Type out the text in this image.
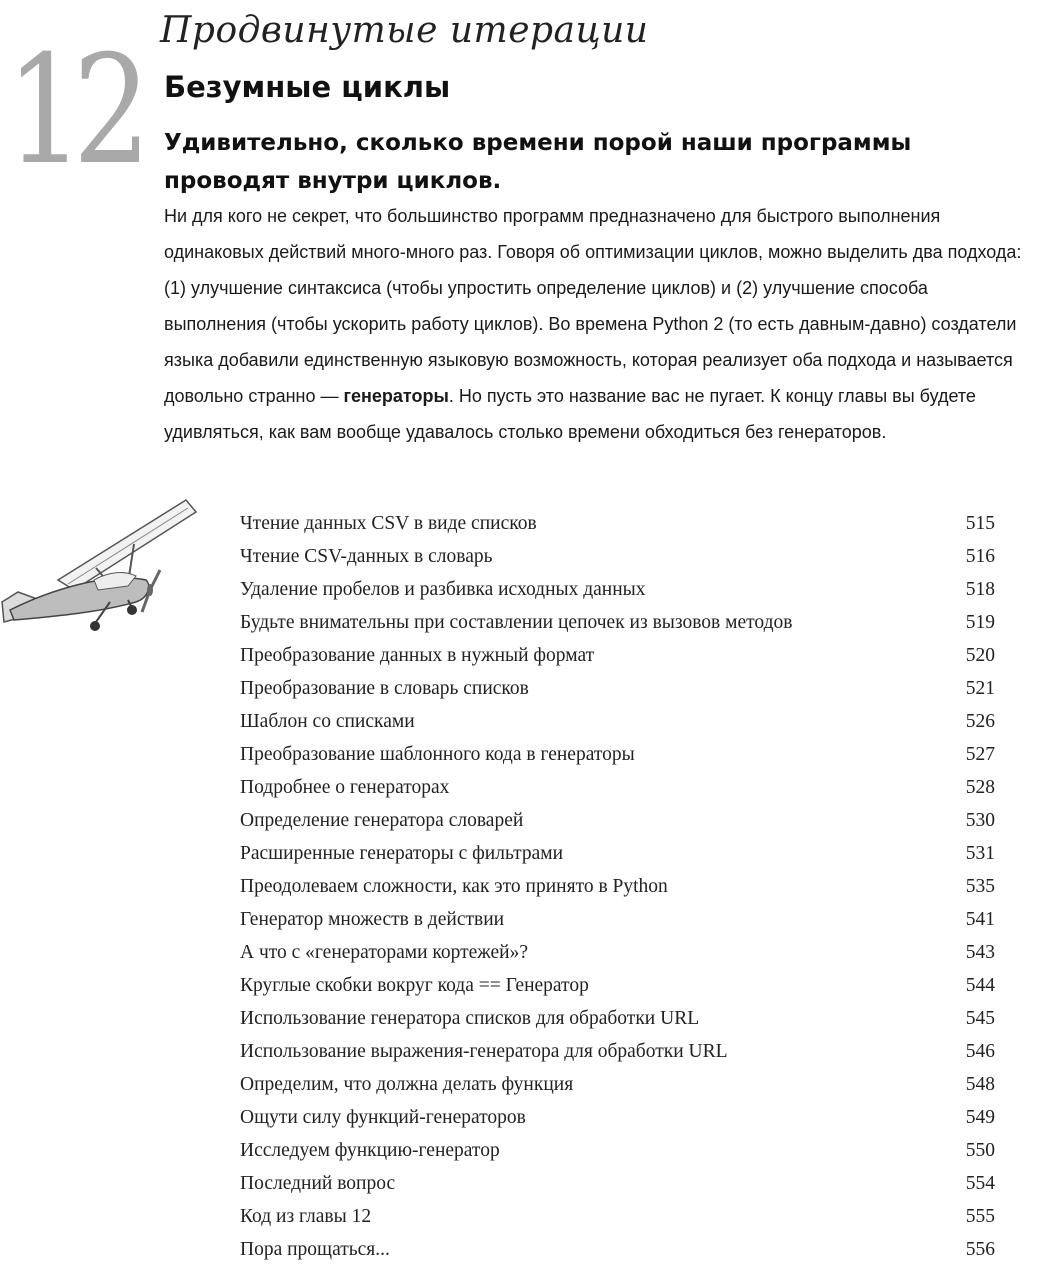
12 Продвинутые итерации
Безумные циклы
Удивительно, сколько времени порой наши программы проводят внутри циклов.
Ни для кого не секрет, что большинство программ предназначено для быстрого выполнения одинаковых действий много-много раз. Говоря об оптимизации циклов, можно выделить два подхода: (1) улучшение синтаксиса (чтобы упростить определение циклов) и (2) улучшение способа выполнения (чтобы ускорить работу циклов). Во времена Python 2 (то есть давным-давно) создатели языка добавили единственную языковую возможность, которая реализует оба подхода и называется довольно странно — генераторы. Но пусть это название вас не пугает. К концу главы вы будете удивляться, как вам вообще удавалось столько времени обходиться без генераторов.
Чтение данных CSV в виде списков	515
Чтение CSV-данных в словарь	516
Удаление пробелов и разбивка исходных данных	518
Будьте внимательны при составлении цепочек из вызовов методов	519
Преобразование данных в нужный формат	520
Преобразование в словарь списков	521
Шаблон со списками	526
Преобразование шаблонного кода в генераторы	527
Подробнее о генераторах	528
Определение генератора словарей	530
Расширенные генераторы с фильтрами	531
Преодолеваем сложности, как это принято в Python	535
Генератор множеств в действии	541
А что с «генераторами кортежей»?	543
Круглые скобки вокруг кода == Генератор	544
Использование генератора списков для обработки URL	545
Использование выражения-генератора для обработки URL	546
Определим, что должна делать функция	548
Ощути силу функций-генераторов	549
Исследуем функцию-генератор	550
Последний вопрос	554
Код из главы 12	555
Пора прощаться...	556
